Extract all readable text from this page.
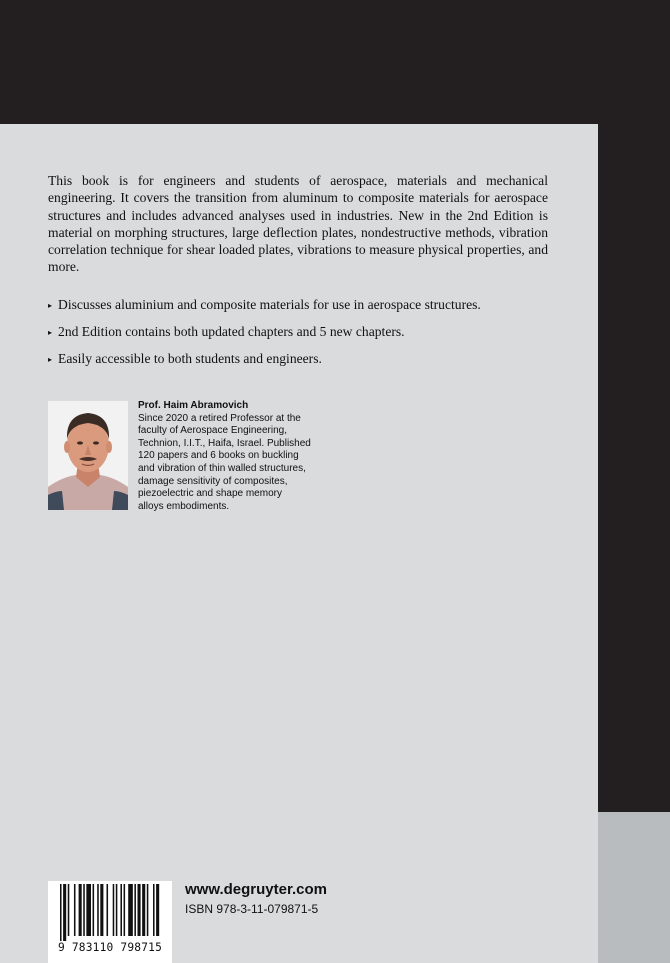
This book is for engineers and students of aerospace, materials and mechanical engineering. It covers the transition from aluminum to composite materials for aerospace structures and includes advanced analyses used in industries. New in the 2nd Edition is material on morphing structures, large deflection plates, nondestructive methods, vibration correlation technique for shear loaded plates, vibrations to measure physical properties, and more.

▸ Discusses aluminium and composite materials for use in aerospace structures.
▸ 2nd Edition contains both updated chapters and 5 new chapters.
▸ Easily accessible to both students and engineers.
Prof. Haim Abramovich
Since 2020 a retired Professor at the
faculty of Aerospace Engineering,
Technion, I.I.T., Haifa, Israel. Published
120 papers and 6 books on buckling
and vibration of thin walled structures,
damage sensitivity of composites,
piezoelectric and shape memory
alloys embodiments.
9 783110 798715
www.degruyter.com
ISBN 978-3-11-079871-5
